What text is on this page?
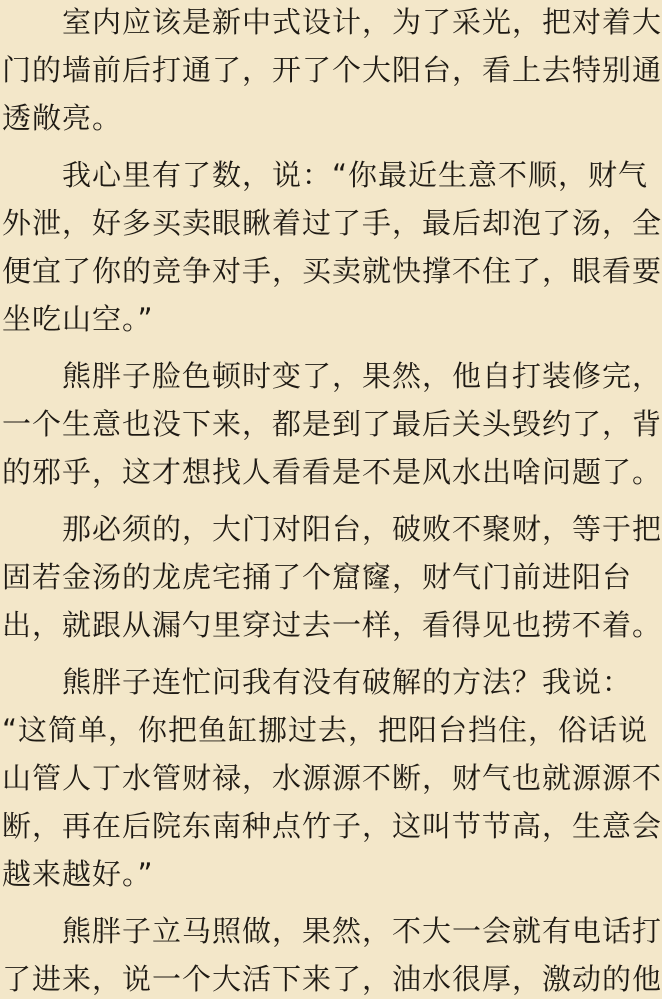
室内应该是新中式设计，为了采光，把对着大
门的墙前后打通了，开了个大阳台，看上去特别通
透敞亮。
我心里有了数，说：“你最近生意不顺，财气
外泄，好多买卖眼瞅着过了手，最后却泡了汤，全
便宜了你的竞争对手，买卖就快撑不住了，眼看要
坐吃山空。”
熊胖子脸色顿时变了，果然，他自打装修完，
一个生意也没下来，都是到了最后关头毁约了，背
的邪乎，这才想找人看看是不是风水出啥问题了。
那必须的，大门对阳台，破败不聚财，等于把
固若金汤的龙虎宅捅了个窟窿，财气门前进阳台
出，就跟从漏勺里穿过去一样，看得见也捞不着。
熊胖子连忙问我有没有破解的方法？我说：
“这简单，你把鱼缸挪过去，把阳台挡住，俗话说
山管人丁水管财禄，水源源不断，财气也就源源不
断，再在后院东南种点竹子，这叫节节高，生意会
越来越好。”
熊胖子立马照做，果然，不大一会就有电话打
了进来，说一个大活下来了，油水很厚，激动的他
